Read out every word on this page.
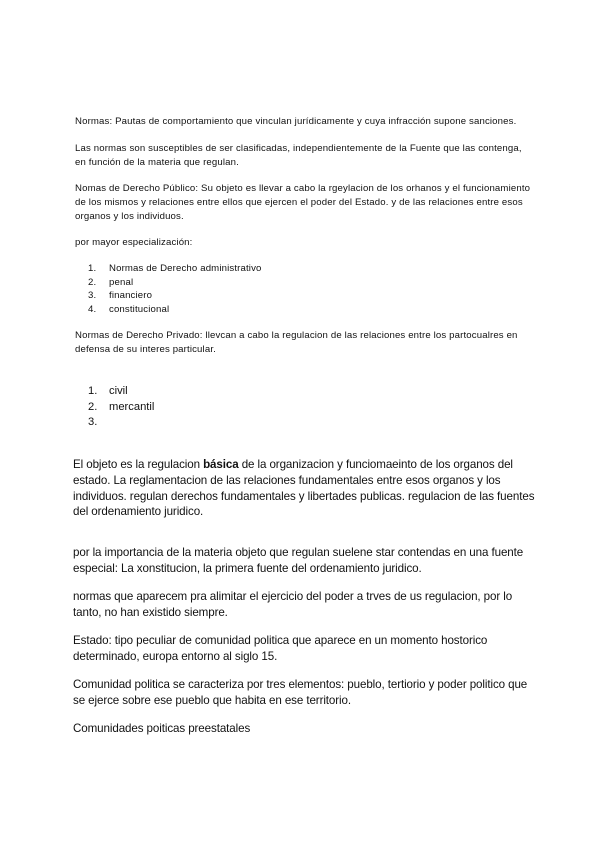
Normas: Pautas de comportamiento que vinculan jurídicamente y cuya infracción supone sanciones.

Las normas son susceptibles de ser clasificadas, independientemente de la Fuente que las contenga, en función de la materia que regulan.

Nomas de Derecho Público: Su objeto es llevar a cabo la rgeylacion de los orhanos y el funcionamiento de los mismos y relaciones entre ellos que ejercen el poder del Estado. y de las relaciones entre esos organos y los individuos.

por mayor especialización:

1. Normas de Derecho administrativo
2. penal
3. financiero
4. constitucional

Normas de Derecho Privado: llevcan a cabo la regulacion de las relaciones entre los partocualres en defensa de su interes particular.

1. civil
2. mercantil
3.

El objeto es la regulacion básica de la organizacion y funciomaeinto de los organos del estado. La reglamentacion de las relaciones fundamentales entre esos organos y los individuos. regulan derechos fundamentales y libertades publicas. regulacion de las fuentes del ordenamiento juridico.

por la importancia de la materia objeto que regulan suelene star contendas en una fuente especial: La xonstitucion, la primera fuente del ordenamiento juridico.

normas que aparecem pra alimitar el ejercicio del poder a trves de us regulacion, por lo tanto, no han existido siempre.

Estado: tipo peculiar de comunidad politica que aparece en un momento hostorico determinado, europa entorno al siglo 15.

Comunidad politica se caracteriza por tres elementos: pueblo, tertiorio y poder politico que se ejerce sobre ese pueblo que habita en ese territorio.

Comunidades poiticas preestatales
